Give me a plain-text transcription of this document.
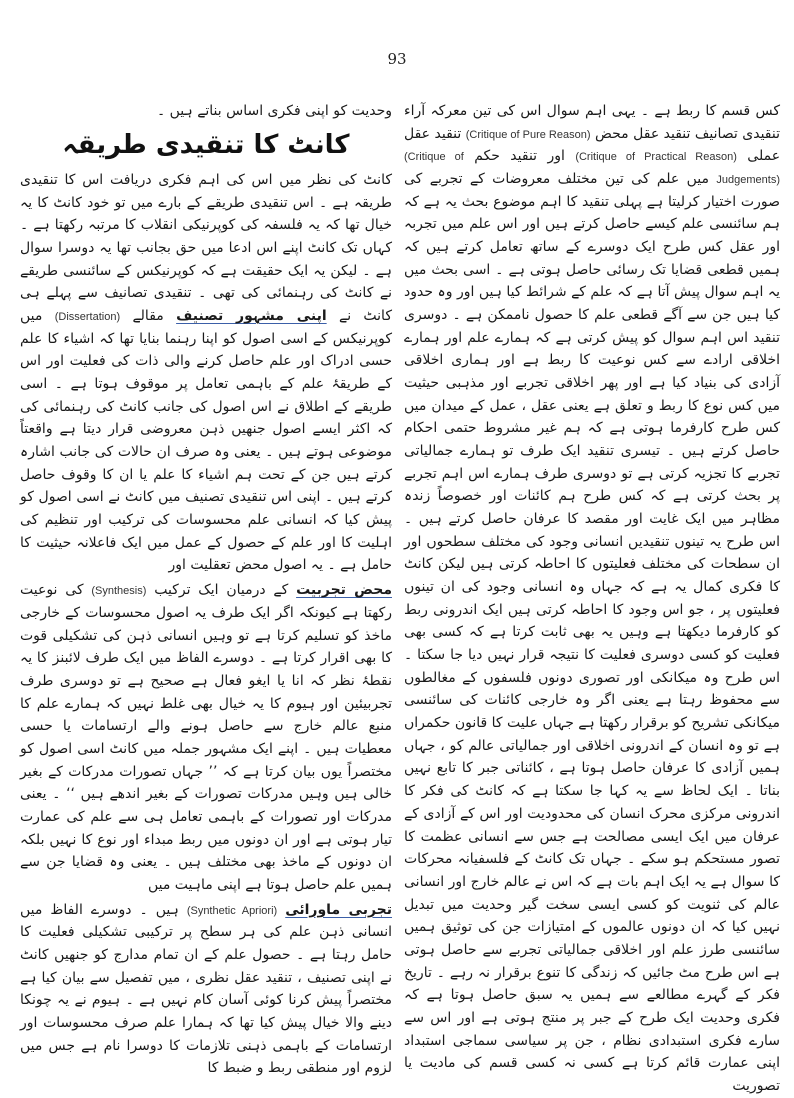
93

کس قسم کا ربط ہے ۔ یہی اہم سوال اس کی تین معرکہ آراء تنقیدی تصانیف تنقید عقل محض (Critique of Pure Reason) تنقید عقل عملی (Critique of Practical Reason) اور تنقید حکم (Critique of Judgements) میں علم کی تین مختلف معروضات کے تجربے کی صورت اختیار کرلیتا ہے پہلی تنقید کا اہم موضوع بحث یہ ہے کہ ہم سائنسی علم کیسے حاصل کرتے ہیں اور اس علم میں تجربہ اور عقل کس طرح ایک دوسرے کے ساتھ تعامل کرتے ہیں کہ ہمیں قطعی قضایا تک رسائی حاصل ہوتی ہے ۔ اسی بحث میں یہ اہم سوال پیش آتا ہے کہ علم کے شرائط کیا ہیں اور وہ حدود کیا ہیں جن سے آگے قطعی علم کا حصول ناممکن ہے ۔ دوسری تنقید اس اہم سوال کو پیش کرتی ہے کہ ہمارے علم اور ہمارے اخلاقی ارادے سے کس نوعیت کا ربط ہے اور ہماری اخلاقی آزادی کی بنیاد کیا ہے اور پھر اخلاقی تجربے اور مذہبی حیثیت میں کس نوع کا ربط و تعلق ہے یعنی عقل ، عمل کے میدان میں کس طرح کارفرما ہوتی ہے کہ ہم غیر مشروط حتمی احکام حاصل کرتے ہیں ۔ تیسری تنقید ایک طرف تو ہمارے جمالیاتی تجربے کا تجزیہ کرتی ہے تو دوسری طرف ہمارے اس اہم تجربے پر بحث کرتی ہے کہ کس طرح ہم کائنات اور خصوصاً زندہ مظاہر میں ایک غایت اور مقصد کا عرفان حاصل کرتے ہیں ۔ اس طرح یہ تینوں تنقیدیں انسانی وجود کی مختلف سطحوں اور ان سطحات کی مختلف فعلیتوں کا احاطہ کرتی ہیں لیکن کانٹ کا فکری کمال یہ ہے کہ جہاں وہ انسانی وجود کی ان تینوں فعلیتوں پر ، جو اس وجود کا احاطہ کرتی ہیں ایک اندرونی ربط کو کارفرما دیکھتا ہے وہیں یہ بھی ثابت کرتا ہے کہ کسی بھی فعلیت کو کسی دوسری فعلیت کا نتیجہ قرار نہیں دیا جا سکتا ۔ اس طرح وہ میکانکی اور تصوری دونوں فلسفوں کے مغالطوں سے محفوظ رہتا ہے یعنی اگر وہ خارجی کائنات کی سائنسی میکانکی تشریح کو برقرار رکھتا ہے جہاں علیت کا قانون حکمراں ہے تو وہ انسان کے اندرونی اخلاقی اور جمالیاتی عالم کو ، جہاں ہمیں آزادی کا عرفان حاصل ہوتا ہے ، کائناتی جبر کا تابع نہیں بناتا ۔ ایک لحاظ سے یہ کہا جا سکتا ہے کہ کانٹ کی فکر کا اندرونی مرکزی محرک انسان کی محدودیت اور اس کے آزادی کے عرفان میں ایک ایسی مصالحت ہے جس سے انسانی عظمت کا تصور مستحکم ہو سکے ۔ جہاں تک کانٹ کے فلسفیانہ محرکات کا سوال ہے یہ ایک اہم بات ہے کہ اس نے عالم خارج اور انسانی عالم کی ثنویت کو کسی ایسی سخت گیر وحدیت میں تبدیل نہیں کیا کہ ان دونوں عالموں کے امتیازات جن کی توثیق ہمیں سائنسی طرز علم اور اخلاقی جمالیاتی تجربے سے حاصل ہوتی ہے اس طرح مٹ جائیں کہ زندگی کا تنوع برقرار نہ رہے ۔ تاریخ فکر کے گہرے مطالعے سے ہمیں یہ سبق حاصل ہوتا ہے کہ فکری وحدیت ایک طرح کے جبر پر منتج ہوتی ہے اور اس سے سارے فکری استبدادی نظام ، جن پر سیاسی سماجی استبداد اپنی عمارت قائم کرتا ہے کسی نہ کسی قسم کی مادیت یا تصوریت

وحدیت کو اپنی فکری اساس بناتے ہیں ۔

کانٹ کا تنقیدی طریقہ

کانٹ کی نظر میں اس کی اہم فکری دریافت اس کا تنقیدی طریقہ ہے ۔ اس تنقیدی طریقے کے بارے میں تو خود کانٹ کا یہ خیال تھا کہ یہ فلسفہ کی کوپرنیکی انقلاب کا مرتبہ رکھتا ہے ۔ کہاں تک کانٹ اپنے اس ادعا میں حق بجانب تھا یہ دوسرا سوال ہے ۔ لیکن یہ ایک حقیقت ہے کہ کوپرنیکس کے سائنسی طریقے نے کانٹ کی رہنمائی کی تھی ۔ تنقیدی تصانیف سے پہلے ہی کانٹ نے اپنی مشہور تصنیف مقالے (Dissertation) میں کوپرنیکس کے اسی اصول کو اپنا رہنما بنایا تھا کہ اشیاء کا علم حسی ادراک اور علم حاصل کرنے والی ذات کی فعلیت اور اس کے طریقۂ علم کے باہمی تعامل پر موقوف ہوتا ہے ۔ اسی طریقے کے اطلاق نے اس اصول کی جانب کانٹ کی رہنمائی کی کہ اکثر ایسے اصول جنھیں ذہن معروضی قرار دیتا ہے واقعتاً موضوعی ہوتے ہیں ۔ یعنی وہ صرف ان حالات کی جانب اشارہ کرتے ہیں جن کے تحت ہم اشیاء کا علم یا ان کا وقوف حاصل کرتے ہیں ۔ اپنی اس تنقیدی تصنیف میں کانٹ نے اسی اصول کو پیش کیا کہ انسانی علم محسوسات کی ترکیب اور تنظیم کی اہلیت کا اور علم کے حصول کے عمل میں ایک فاعلانہ حیثیت کا حامل ہے ۔ یہ اصول محض تعقلیت اور

محض تجربیت کے درمیان ایک ترکیب (Synthesis) کی نوعیت رکھتا ہے کیونکہ اگر ایک طرف یہ اصول محسوسات کے خارجی ماخذ کو تسلیم کرتا ہے تو وہیں انسانی ذہن کی تشکیلی قوت کا بھی اقرار کرتا ہے ۔ دوسرے الفاظ میں ایک طرف لائبنز کا یہ نقطۂ نظر کہ انا یا ایغو فعال ہے صحیح ہے تو دوسری طرف تجربیئین اور ہیوم کا یہ خیال بھی غلط نہیں کہ ہمارے علم کا منبع عالم خارج سے حاصل ہونے والے ارتسامات یا حسی معطیات ہیں ۔ اپنے ایک مشہور جملہ میں کانٹ اسی اصول کو مختصراً یوں بیان کرتا ہے کہ ’’ جہاں تصورات مدرکات کے بغیر خالی ہیں وہیں مدرکات تصورات کے بغیر اندھے ہیں ‘‘ ۔ یعنی مدرکات اور تصورات کے باہمی تعامل ہی سے علم کی عمارت تیار ہوتی ہے اور ان دونوں میں ربط مبداء اور نوع کا نہیں بلکہ ان دونوں کے ماخذ بھی مختلف ہیں ۔ یعنی وہ قضایا جن سے ہمیں علم حاصل ہوتا ہے اپنی ماہیت میں

تجربی ماورائی (Synthetic Apriori) ہیں ۔ دوسرے الفاظ میں انسانی ذہن علم کی ہر سطح پر ترکیبی تشکیلی فعلیت کا حامل رہتا ہے ۔ حصول علم کے ان تمام مدارج کو جنھیں کانٹ نے اپنی تصنیف ، تنقید عقل نظری ، میں تفصیل سے بیان کیا ہے مختصراً پیش کرنا کوئی آسان کام نہیں ہے ۔ ہیوم نے یہ چونکا دینے والا خیال پیش کیا تھا کہ ہمارا علم صرف محسوسات اور ارتسامات کے باہمی ذہنی تلازمات کا دوسرا نام ہے جس میں لزوم اور منطقی ربط و ضبط کا
